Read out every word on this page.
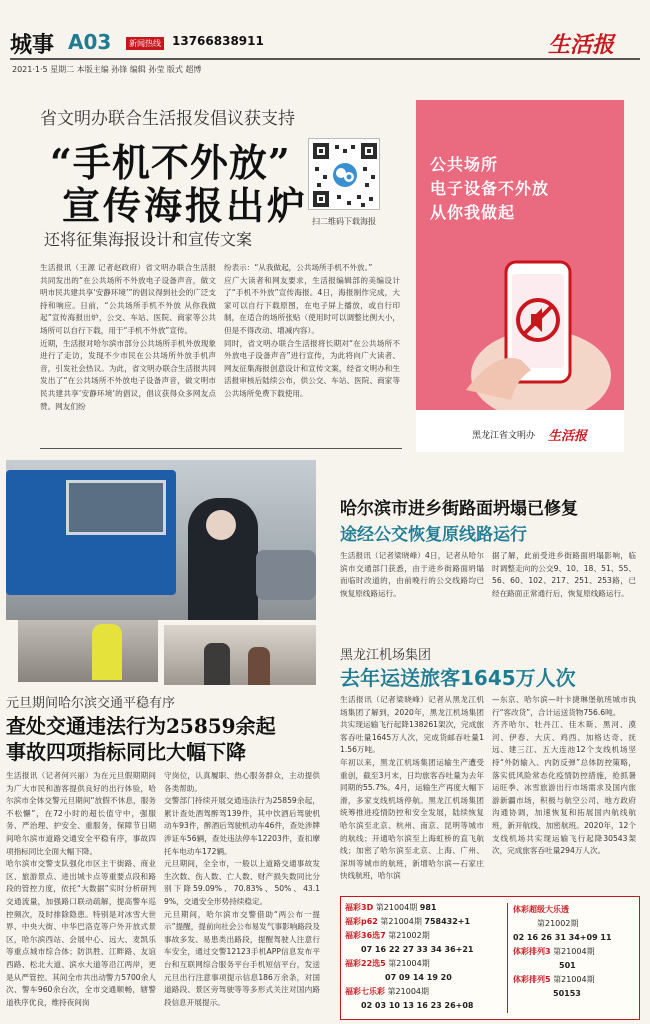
城事 A03	新闻热线 13766838911	生活报
2021·1·5 星期二 本版主编 孙锋 编辑 孙莹 版式 超博
省文明办联合生活报发倡议获支持
“手机不外放”
宣传海报出炉
还将征集海报设计和宣传文案
扫二维码下载海报
生活报讯（王源 记者赵政府）省文明办联合生活报共同发出的“在公共场所不外放电子设备声音，做文明市民共建共享‘安静环境’”的倡议得到社会的广泛支持和响应。日前，“公共场所手机不外放 从你我做起”宣传海报出炉，公交、车站、医院、商家等公共场所可以自行下载，用于“手机不外放”宣传。
近期，生活报对哈尔滨市部分公共场所手机外放现象进行了走访，发现不少市民在公共场所外放手机声音，引发社会热议。为此，省文明办联合生活报共同发出了“在公共场所不外放电子设备声音，做文明市民共建共享‘安静环境’的倡议，倡议获得众多网友点赞。网友们纷
纷表示：“从我做起，公共场所手机不外放。”
应广大读者和网友要求，生活报编辑部的美编设计了“手机不外放”宣传海报。4日，海报制作完成，大家可以自行下载原图，在电子屏上播放，或自行印制，在适合的场所张贴（使用时可以调整比例大小，但是不得改动、增减内容）。
同时，省文明办联合生活报将长期对“在公共场所不外放电子设备声音”进行宣传，为此将向广大读者、网友征集海报创意设计和宣传文案，经省文明办和生活报审核后陆续公布，供公交、车站、医院、商家等公共场所免费下载使用。
公共场所
电子设备不外放
从你我做起
黑龙江省文明办 生活报
哈尔滨市进乡街路面坍塌已修复
途经公交恢复原线路运行
生活报讯（记者梁晓峰）4日，记者从哈尔滨市交通部门获悉，由于进乡街路面坍塌而临时改道的，由前晚行的公交线路均已恢复原线路运行。
据了解，此前受进乡街路面坍塌影响，临时调整走向的公交9、10、18、51、55、56、60、102、217、251、253路，已经在路面正常通行后，恢复原线路运行。
黑龙江机场集团
去年运送旅客1645万人次
生活报讯（记者梁晓峰）记者从黑龙江机场集团了解到，2020年，黑龙江机场集团共实现运输飞行起降138261架次，完成旅客吞吐量1645万人次，完成货邮吞吐量11.56万吨。
年初以来，黑龙江机场集团运输生产遭受重创，截至3月末，日均旅客吞吐量为去年同期的55.7%。4月，运输生产再度大幅下滑，多家支线机场停航。黑龙江机场集团统筹推进疫情防控和安全发展，陆续恢复哈尔滨至北京、杭州、南京、昆明等城市的航线；开通哈尔滨至上海虹桥的直飞航线；加密了哈尔滨至北京、上海、广州、深圳等城市的航班，新增哈尔滨—石家庄快线航班，哈尔滨
—东京、哈尔滨—叶卡捷琳堡航班城市执行“客改货”，合计运送货物756.6吨。
齐齐哈尔、牡丹江、佳木斯、黑河、漠河、伊春、大庆、鸡西、加格达奇、抚远、建三江、五大连池12个支线机场坚持“外防输入、内防反弹”总体防控策略，落实低风险常态化疫情防控措施，抢抓暑运旺季、冰雪旅游出行市场需求及国内旅游新疆市场，积极与航空公司、地方政府沟通协调，加速恢复和拓展国内航线航班，新开航线、加密航班。2020年，12个支线机场共实现运输飞行起降30543架次，完成旅客吞吐量294万人次。
元旦期间哈尔滨交通平稳有序
查处交通违法行为25859余起
事故四项指标同比大幅下降
生活报讯（记者何兴丽）为在元旦假期期间为广大市民和游客提供良好的出行体验，哈尔滨市全体交警元旦期间“放假不休息，服务不松懈”，在72小时的超长值守中，强服务、严治理、护安全、重服务，保障节日期间哈尔滨市道路交通安全平稳有序，事故四项指标同比全面大幅下降。
哈尔滨市交警支队强化市区主干街路、商业区、旅游景点、进出城卡点等重要点段和路段的管控力度，依托“大数据”实时分析研判交通流量，加强路口联动疏解，提高警车巡控频次，及时排除隐患。特别是对冰雪大世界、中央大街、中华巴洛克等户外开放式景区，哈尔滨西站、会展中心、远大、麦凯乐等重点城市综合体；防洪胜、江畔路、友谊西路、松北大道、滨水大道等沿江两岸，更是从严管控。其间全市共出动警力5700余人次、警车960余台次，全市交通顺畅，辖警道秩序优良，维持夜间岗
守岗位，认真履职、热心服务群众，主动提供各类帮助。
交警部门持续开展交通违法行为25859余起，累计查处酒驾醉驾139件，其中饮酒后驾驶机动车93件，醉酒后驾驶机动车46件，查处涉牌涉证车56辆，查处违法停车12203件，查扣摩托车电动车172辆。
元旦期间，全全市，一般以上道路交通事故发生次数、伤人数、亡人数、财产损失数同比分别下降59.09%、70.83%、50%、43.19%，交通安全形势持续稳定。
元旦期间，哈尔滨市交警借助“两公布一提示”提醒，提前向社会公布易发气事影响路段及事故多发、易患类出路段，提醒驾驶人注意行车安全，通过交警12123手机APP信息发布平台和互联网综合服务平台手机短信平台，发送元旦出行注意事项提示信息186万余条，对国道路段、景区旁驾驶等等多形式关注对国内路段信息开展提示。
福彩3D 第21004期 981
福彩p62 第21004期 758432+1
福彩36选7 第21002期
07 16 22 27 33 34 36+21
福彩22选5 第21004期
07 09 14 19 20
福彩七乐彩 第21004期
02 03 10 13 16 23 26+08
体彩超级大乐透
第21002期
02 16 26 31 34+09 11
体彩排列3 第21004期
501
体彩排列5 第21004期
50153
